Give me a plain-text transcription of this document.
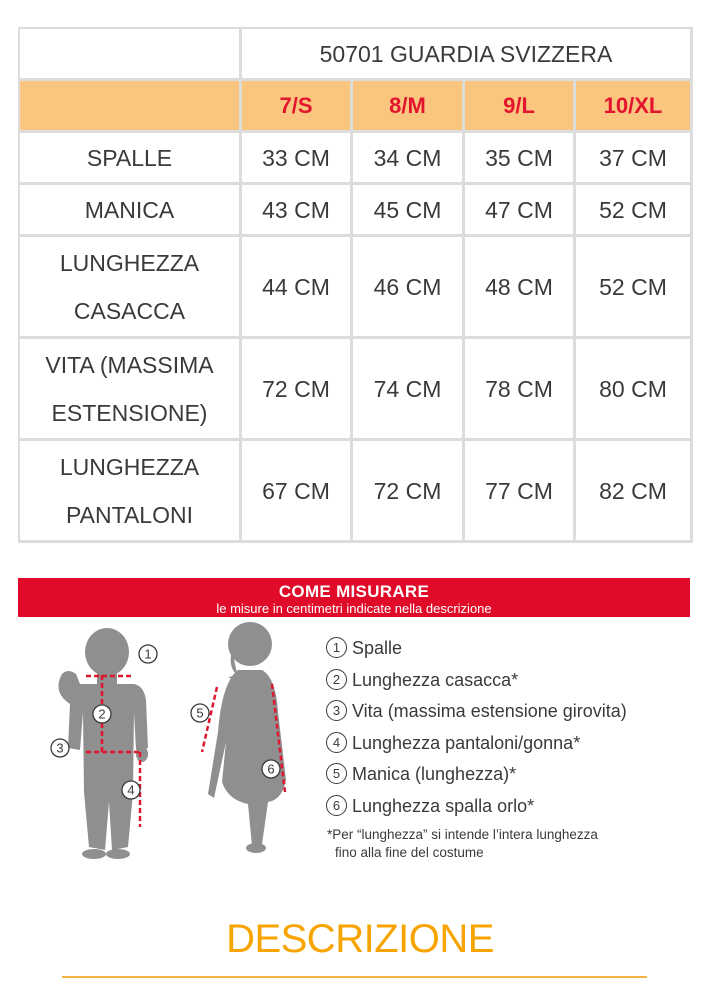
	50701 GUARDIA SVIZZERA			
	7/S	8/M	9/L	10/XL
SPALLE	33 CM	34 CM	35 CM	37 CM
MANICA	43 CM	45 CM	47 CM	52 CM
LUNGHEZZA
CASACCA	44 CM	46 CM	48 CM	52 CM
VITA (MASSIMA
ESTENSIONE)	72 CM	74 CM	78 CM	80 CM
LUNGHEZZA
PANTALONI	67 CM	72 CM	77 CM	82 CM
COME MISURARE
le misure in centimetri indicate nella descrizione
1
2
3
4
5
6
1 Spalle
2 Lunghezza casacca*
3 Vita (massima estensione girovita)
4 Lunghezza pantaloni/gonna*
5 Manica (lunghezza)*
6 Lunghezza spalla orlo*
*Per “lunghezza” si intende l’intera lunghezza
fino alla fine del costume
DESCRIZIONE
